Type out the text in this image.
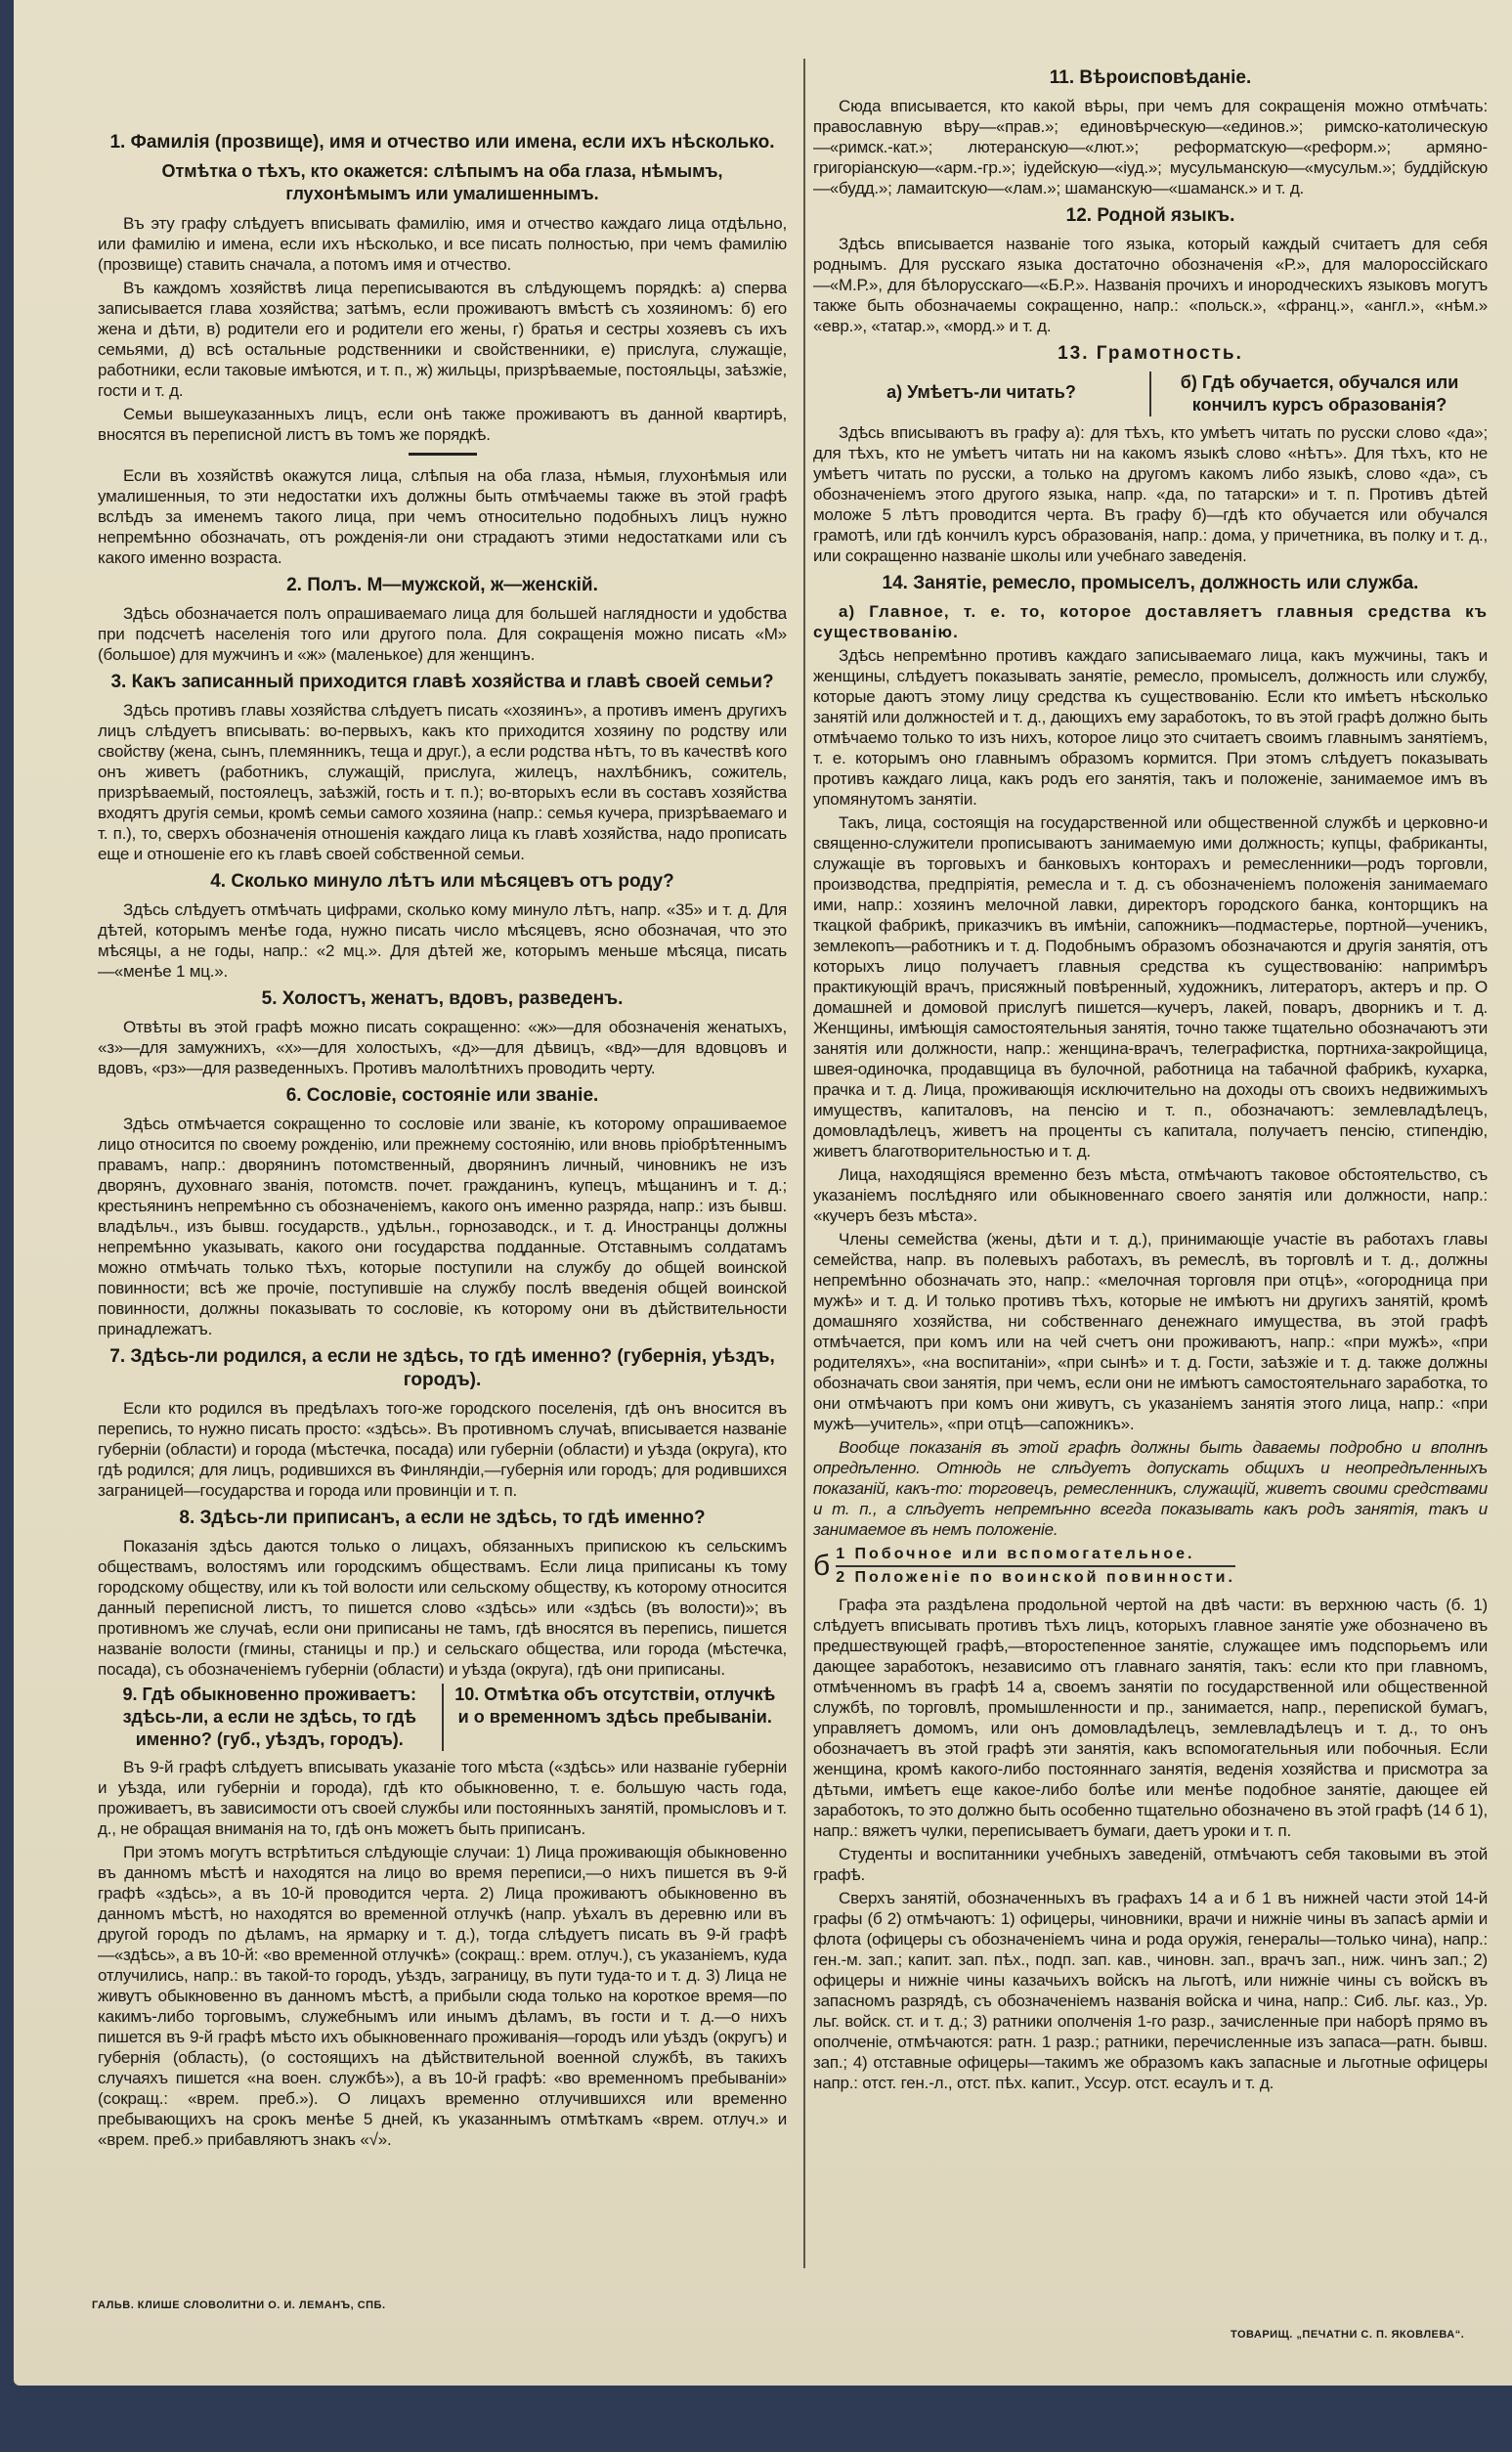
1. Фамилія (прозвище), имя и отчество или имена, если ихъ нѣсколько.
Отмѣтка о тѣхъ, кто окажется: слѣпымъ на оба глаза, нѣмымъ, глухонѣмымъ или умалишеннымъ.

Въ эту графу слѣдуетъ вписывать фамилію, имя и отчество каждаго лица отдѣльно, или фамилію и имена, если ихъ нѣсколько, и все писать полностью, при чемъ фамилію (прозвище) ставить сначала, а потомъ имя и отчество.

Въ каждомъ хозяйствѣ лица переписываются въ слѣдующемъ порядкѣ: а) сперва записывается глава хозяйства; затѣмъ, если проживаютъ вмѣстѣ съ хозяиномъ: б) его жена и дѣти, в) родители его и родители его жены, г) братья и сестры хозяевъ съ ихъ семьями, д) всѣ остальные родственники и свойственники, е) прислуга, служащіе, работники, если таковые имѣются, и т. п., ж) жильцы, призрѣваемые, постояльцы, заѣзжіе, гости и т. д.

Семьи вышеуказанныхъ лицъ, если онѣ также проживаютъ въ данной квартирѣ, вносятся въ переписной листъ въ томъ же порядкѣ.

Если въ хозяйствѣ окажутся лица, слѣпыя на оба глаза, нѣмыя, глухонѣмыя или умалишенныя, то эти недостатки ихъ должны быть отмѣчаемы также въ этой графѣ вслѣдъ за именемъ такого лица, при чемъ относительно подобныхъ лицъ нужно непремѣнно обозначать, отъ рожденія-ли они страдаютъ этими недостатками или съ какого именно возраста.

2. Полъ. М—мужской, ж—женскій.

Здѣсь обозначается полъ опрашиваемаго лица для большей наглядности и удобства при подсчетѣ населенія того или другого пола. Для сокращенія можно писать «М» (большое) для мужчинъ и «ж» (маленькое) для женщинъ.

3. Какъ записанный приходится главѣ хозяйства и главѣ своей семьи?

Здѣсь противъ главы хозяйства слѣдуетъ писать «хозяинъ», а противъ именъ другихъ лицъ слѣдуетъ вписывать: во-первыхъ, какъ кто приходится хозяину по родству или свойству (жена, сынъ, племянникъ, теща и друг.), а если родства нѣтъ, то въ качествѣ кого онъ живетъ (работникъ, служащій, прислуга, жилецъ, нахлѣбникъ, сожитель, призрѣваемый, постоялецъ, заѣзжій, гость и т. п.); во-вторыхъ если въ составъ хозяйства входятъ другія семьи, кромѣ семьи самого хозяина (напр.: семья кучера, призрѣваемаго и т. п.), то, сверхъ обозначенія отношенія каждаго лица къ главѣ хозяйства, надо прописать еще и отношеніе его къ главѣ своей собственной семьи.

4. Сколько минуло лѣтъ или мѣсяцевъ отъ роду?

Здѣсь слѣдуетъ отмѣчать цифрами, сколько кому минуло лѣтъ, напр. «35» и т. д. Для дѣтей, которымъ менѣе года, нужно писать число мѣсяцевъ, ясно обозначая, что это мѣсяцы, а не годы, напр.: «2 мц.». Для дѣтей же, которымъ меньше мѣсяца, писать—«менѣе 1 мц.».

5. Холостъ, женатъ, вдовъ, разведенъ.

Отвѣты въ этой графѣ можно писать сокращенно: «ж»—для обозначенія женатыхъ, «з»—для замужнихъ, «х»—для холостыхъ, «д»—для дѣвицъ, «вд»—для вдовцовъ и вдовъ, «рз»—для разведенныхъ. Противъ малолѣтнихъ проводить черту.

6. Сословіе, состояніе или званіе.

Здѣсь отмѣчается сокращенно то сословіе или званіе, къ которому опрашиваемое лицо относится по своему рожденію, или прежнему состоянію, или вновь пріобрѣтеннымъ правамъ, напр.: дворянинъ потомственный, дворянинъ личный, чиновникъ не изъ дворянъ, духовнаго званія, потомств. почет. гражданинъ, купецъ, мѣщанинъ и т. д.; крестьянинъ непремѣнно съ обозначеніемъ, какого онъ именно разряда, напр.: изъ бывш. владѣльч., изъ бывш. государств., удѣльн., горнозаводск., и т. д. Иностранцы должны непремѣнно указывать, какого они государства подданные. Отставнымъ солдатамъ можно отмѣчать только тѣхъ, которые поступили на службу до общей воинской повинности; всѣ же прочіе, поступившіе на службу послѣ введенія общей воинской повинности, должны показывать то сословіе, къ которому они въ дѣйствительности принадлежатъ.

7. Здѣсь-ли родился, а если не здѣсь, то гдѣ именно? (губернія, уѣздъ, городъ).

Если кто родился въ предѣлахъ того-же городского поселенія, гдѣ онъ вносится въ перепись, то нужно писать просто: «здѣсь». Въ противномъ случаѣ, вписывается названіе губерніи (области) и города (мѣстечка, посада) или губерніи (области) и уѣзда (округа), кто гдѣ родился; для лицъ, родившихся въ Финляндіи,—губернія или городъ; для родившихся заграницей—государства и города или провинціи и т. п.

8. Здѣсь-ли приписанъ, а если не здѣсь, то гдѣ именно?

Показанія здѣсь даются только о лицахъ, обязанныхъ припискою къ сельскимъ обществамъ, волостямъ или городскимъ обществамъ. Если лица приписаны къ тому городскому обществу, или къ той волости или сельскому обществу, къ которому относится данный переписной листъ, то пишется слово «здѣсь» или «здѣсь (въ волости)»; въ противномъ же случаѣ, если они приписаны не тамъ, гдѣ вносятся въ перепись, пишется названіе волости (гмины, станицы и пр.) и сельскаго общества, или города (мѣстечка, посада), съ обозначеніемъ губерніи (области) и уѣзда (округа), гдѣ они приписаны.

9. Гдѣ обыкновенно проживаетъ: здѣсь-ли, а если не здѣсь, то гдѣ именно? (губ., уѣздъ, городъ).
10. Отмѣтка объ отсутствіи, отлучкѣ и о временномъ здѣсь пребываніи.

Въ 9-й графѣ слѣдуетъ вписывать указаніе того мѣста («здѣсь» или названіе губерніи и уѣзда, или губерніи и города), гдѣ кто обыкновенно, т. е. большую часть года, проживаетъ, въ зависимости отъ своей службы или постоянныхъ занятій, промысловъ и т. д., не обращая вниманія на то, гдѣ онъ можетъ быть приписанъ.

При этомъ могутъ встрѣтиться слѣдующіе случаи: 1) Лица проживающія обыкновенно въ данномъ мѣстѣ и находятся на лицо во время переписи,—о нихъ пишется въ 9-й графѣ «здѣсь», а въ 10-й проводится черта. 2) Лица проживаютъ обыкновенно въ данномъ мѣстѣ, но находятся во временной отлучкѣ (напр. уѣхалъ въ деревню или въ другой городъ по дѣламъ, на ярмарку и т. д.), тогда слѣдуетъ писать въ 9-й графѣ—«здѣсь», а въ 10-й: «во временной отлучкѣ» (сокращ.: врем. отлуч.), съ указаніемъ, куда отлучились, напр.: въ такой-то городъ, уѣздъ, заграницу, въ пути туда-то и т. д. 3) Лица не живутъ обыкновенно въ данномъ мѣстѣ, а прибыли сюда только на короткое время—по какимъ-либо торговымъ, служебнымъ или инымъ дѣламъ, въ гости и т. д.—о нихъ пишется въ 9-й графѣ мѣсто ихъ обыкновеннаго проживанія—городъ или уѣздъ (округъ) и губернія (область), (о состоящихъ на дѣйствительной военной службѣ, въ такихъ случаяхъ пишется «на воен. службѣ»), а въ 10-й графѣ: «во временномъ пребываніи» (сокращ.: «врем. преб.»). О лицахъ временно отлучившихся или временно пребывающихъ на срокъ менѣе 5 дней, къ указаннымъ отмѣткамъ «врем. отлуч.» и «врем. преб.» прибавляютъ знакъ «√».

11. Вѣроисповѣданіе.

Сюда вписывается, кто какой вѣры, при чемъ для сокращенія можно отмѣчать: православную вѣру—«прав.»; единовѣрческую—«единов.»; римско-католическую—«римск.-кат.»; лютеранскую—«лют.»; реформатскую—«реформ.»; армяно-григоріанскую—«арм.-гр.»; іудейскую—«іуд.»; мусульманскую—«мусульм.»; буддійскую—«будд.»; ламаитскую—«лам.»; шаманскую—«шаманск.» и т. д.

12. Родной языкъ.

Здѣсь вписывается названіе того языка, который каждый считаетъ для себя роднымъ. Для русскаго языка достаточно обозначенія «Р.», для малороссійскаго—«М.Р.», для бѣлорусскаго—«Б.Р.». Названія прочихъ и инородческихъ языковъ могутъ также быть обозначаемы сокращенно, напр.: «польск.», «франц.», «англ.», «нѣм.» «евр.», «татар.», «морд.» и т. д.

13. Грамотность.
а) Умѣетъ-ли читать?	б) Гдѣ обучается, обучался или кончилъ курсъ образованія?

Здѣсь вписываютъ въ графу а): для тѣхъ, кто умѣетъ читать по русски слово «да»; для тѣхъ, кто не умѣетъ читать ни на какомъ языкѣ слово «нѣтъ». Для тѣхъ, кто не умѣетъ читать по русски, а только на другомъ какомъ либо языкѣ, слово «да», съ обозначеніемъ этого другого языка, напр. «да, по татарски» и т. п. Противъ дѣтей моложе 5 лѣтъ проводится черта. Въ графу б)—гдѣ кто обучается или обучался грамотѣ, или гдѣ кончилъ курсъ образованія, напр.: дома, у причетника, въ полку и т. д., или сокращенно названіе школы или учебнаго заведенія.

14. Занятіе, ремесло, промыселъ, должность или служба.

а) Главное, т. е. то, которое доставляетъ главныя средства къ существованію.

Здѣсь непремѣнно противъ каждаго записываемаго лица, какъ мужчины, такъ и женщины, слѣдуетъ показывать занятіе, ремесло, промыселъ, должность или службу, которые даютъ этому лицу средства къ существованію. Если кто имѣетъ нѣсколько занятій или должностей и т. д., дающихъ ему заработокъ, то въ этой графѣ должно быть отмѣчаемо только то изъ нихъ, которое лицо это считаетъ своимъ главнымъ занятіемъ, т. е. которымъ оно главнымъ образомъ кормится. При этомъ слѣдуетъ показывать противъ каждаго лица, какъ родъ его занятія, такъ и положеніе, занимаемое имъ въ упомянутомъ занятіи.

Такъ, лица, состоящія на государственной или общественной службѣ и церковно-и священно-служители прописываютъ занимаемую ими должность; купцы, фабриканты, служащіе въ торговыхъ и банковыхъ конторахъ и ремесленники—родъ торговли, производства, предпріятія, ремесла и т. д. съ обозначеніемъ положенія занимаемаго ими, напр.: хозяинъ мелочной лавки, директоръ городского банка, конторщикъ на ткацкой фабрикѣ, приказчикъ въ имѣніи, сапожникъ—подмастерье, портной—ученикъ, землекопъ—работникъ и т. д. Подобнымъ образомъ обозначаются и другія занятія, отъ которыхъ лицо получаетъ главныя средства къ существованію: напримѣръ практикующій врачъ, присяжный повѣренный, художникъ, литераторъ, актеръ и пр. О домашней и домовой прислугѣ пишется—кучеръ, лакей, поваръ, дворникъ и т. д. Женщины, имѣющія самостоятельныя занятія, точно также тщательно обозначаютъ эти занятія или должности, напр.: женщина-врачъ, телеграфистка, портниха-закройщица, швея-одиночка, продавщица въ булочной, работница на табачной фабрикѣ, кухарка, прачка и т. д. Лица, проживающія исключительно на доходы отъ своихъ недвижимыхъ имуществъ, капиталовъ, на пенсію и т. п., обозначаютъ: землевладѣлецъ, домовладѣлецъ, живетъ на проценты съ капитала, получаетъ пенсію, стипендію, живетъ благотворительностью и т. д.

Лица, находящіяся временно безъ мѣста, отмѣчаютъ таковое обстоятельство, съ указаніемъ послѣдняго или обыкновеннаго своего занятія или должности, напр.: «кучеръ безъ мѣста».

Члены семейства (жены, дѣти и т. д.), принимающіе участіе въ работахъ главы семейства, напр. въ полевыхъ работахъ, въ ремеслѣ, въ торговлѣ и т. д., должны непремѣнно обозначать это, напр.: «мелочная торговля при отцѣ», «огородница при мужѣ» и т. д. И только противъ тѣхъ, которые не имѣютъ ни другихъ занятій, кромѣ домашняго хозяйства, ни собственнаго денежнаго имущества, въ этой графѣ отмѣчается, при комъ или на чей счетъ они проживаютъ, напр.: «при мужѣ», «при родителяхъ», «на воспитаніи», «при сынѣ» и т. д. Гости, заѣзжіе и т. д. также должны обозначать свои занятія, при чемъ, если они не имѣютъ самостоятельнаго заработка, то они отмѣчаютъ при комъ они живутъ, съ указаніемъ занятія этого лица, напр.: «при мужѣ—учитель», «при отцѣ—сапожникъ».

Вообще показанія въ этой графѣ должны быть даваемы подробно и вполнѣ опредѣленно. Отнюдь не слѣдуетъ допускать общихъ и неопредѣленныхъ показаній, какъ-то: торговецъ, ремесленникъ, служащій, живетъ своими средствами и т. п., а слѣдуетъ непремѣнно всегда показывать какъ родъ занятія, такъ и занимаемое въ немъ положеніе.

б 1 Побочное или вспомогательное.
2 Положеніе по воинской повинности.

Графа эта раздѣлена продольной чертой на двѣ части: въ верхнюю часть (б. 1) слѣдуетъ вписывать противъ тѣхъ лицъ, которыхъ главное занятіе уже обозначено въ предшествующей графѣ,—второстепенное занятіе, служащее имъ подспорьемъ или дающее заработокъ, независимо отъ главнаго занятія, такъ: если кто при главномъ, отмѣченномъ въ графѣ 14 а, своемъ занятіи по государственной или общественной службѣ, по торговлѣ, промышленности и пр., занимается, напр., перепиской бумагъ, управляетъ домомъ, или онъ домовладѣлецъ, землевладѣлецъ и т. д., то онъ обозначаетъ въ этой графѣ эти занятія, какъ вспомогательныя или побочныя. Если женщина, кромѣ какого-либо постояннаго занятія, веденія хозяйства и присмотра за дѣтьми, имѣетъ еще какое-либо болѣе или менѣе подобное занятіе, дающее ей заработокъ, то это должно быть особенно тщательно обозначено въ этой графѣ (14 б 1), напр.: вяжетъ чулки, переписываетъ бумаги, даетъ уроки и т. п.

Студенты и воспитанники учебныхъ заведеній, отмѣчаютъ себя таковыми въ этой графѣ.

Сверхъ занятій, обозначенныхъ въ графахъ 14 а и б 1 въ нижней части этой 14-й графы (б 2) отмѣчаютъ: 1) офицеры, чиновники, врачи и нижніе чины въ запасѣ арміи и флота (офицеры съ обозначеніемъ чина и рода оружія, генералы—только чина), напр.: ген.-м. зап.; капит. зап. пѣх., подп. зап. кав., чиновн. зап., врачъ зап., ниж. чинъ зап.; 2) офицеры и нижніе чины казачьихъ войскъ на льготѣ, или нижніе чины съ войскъ въ запасномъ разрядѣ, съ обозначеніемъ названія войска и чина, напр.: Сиб. льг. каз., Ур. льг. войск. ст. и т. д.; 3) ратники ополченія 1-го разр., зачисленные при наборѣ прямо въ ополченіе, отмѣчаются: ратн. 1 разр.; ратники, перечисленные изъ запаса—ратн. бывш. зап.; 4) отставные офицеры—такимъ же образомъ какъ запасные и льготные офицеры напр.: отст. ген.-л., отст. пѣх. капит., Уссур. отст. есаулъ и т. д.

ГАЛЬВ. КЛИШЕ СЛОВОЛИТНИ О. И. ЛЕМАНЪ, СПБ.
ТОВАРИЩ. „ПЕЧАТНИ С. П. ЯКОВЛЕВА“.
